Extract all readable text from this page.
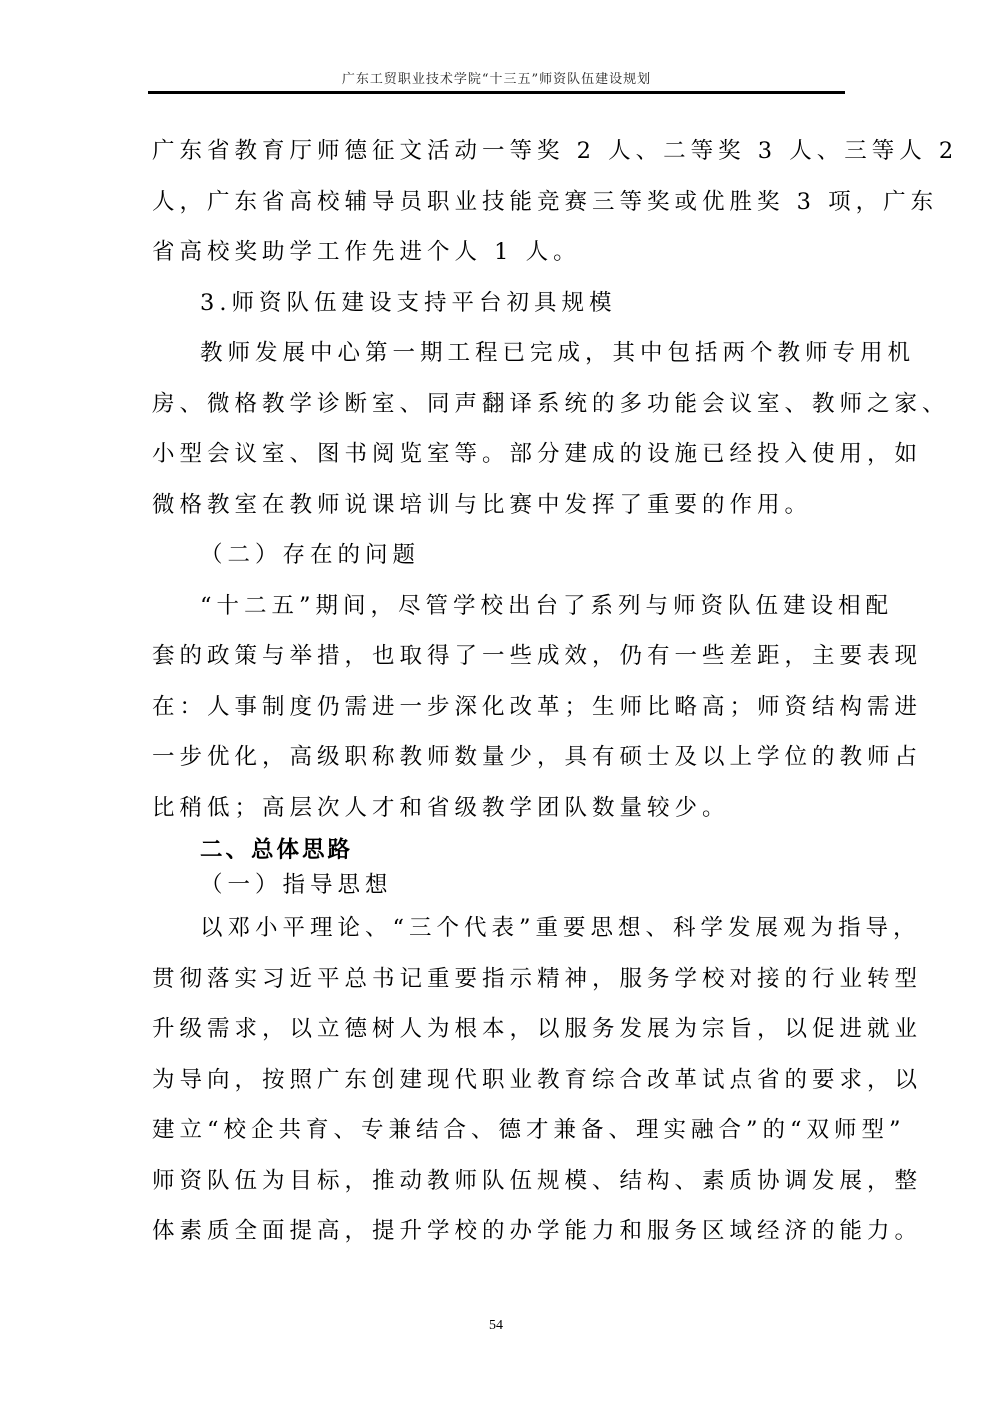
广东工贸职业技术学院“十三五”师资队伍建设规划
广东省教育厅师德征文活动一等奖 2 人、二等奖 3 人、三等人 2
人，广东省高校辅导员职业技能竞赛三等奖或优胜奖 3 项，广东
省高校奖助学工作先进个人 1 人。
3.师资队伍建设支持平台初具规模
教师发展中心第一期工程已完成，其中包括两个教师专用机
房、微格教学诊断室、同声翻译系统的多功能会议室、教师之家、
小型会议室、图书阅览室等。部分建成的设施已经投入使用，如
微格教室在教师说课培训与比赛中发挥了重要的作用。
（二）存在的问题
“十二五”期间，尽管学校出台了系列与师资队伍建设相配
套的政策与举措，也取得了一些成效，仍有一些差距，主要表现
在：人事制度仍需进一步深化改革；生师比略高；师资结构需进
一步优化，高级职称教师数量少，具有硕士及以上学位的教师占
比稍低；高层次人才和省级教学团队数量较少。
二、总体思路
（一）指导思想
以邓小平理论、“三个代表”重要思想、科学发展观为指导，
贯彻落实习近平总书记重要指示精神，服务学校对接的行业转型
升级需求，以立德树人为根本，以服务发展为宗旨，以促进就业
为导向，按照广东创建现代职业教育综合改革试点省的要求，以
建立“校企共育、专兼结合、德才兼备、理实融合”的“双师型”
师资队伍为目标，推动教师队伍规模、结构、素质协调发展，整
体素质全面提高，提升学校的办学能力和服务区域经济的能力。
54
